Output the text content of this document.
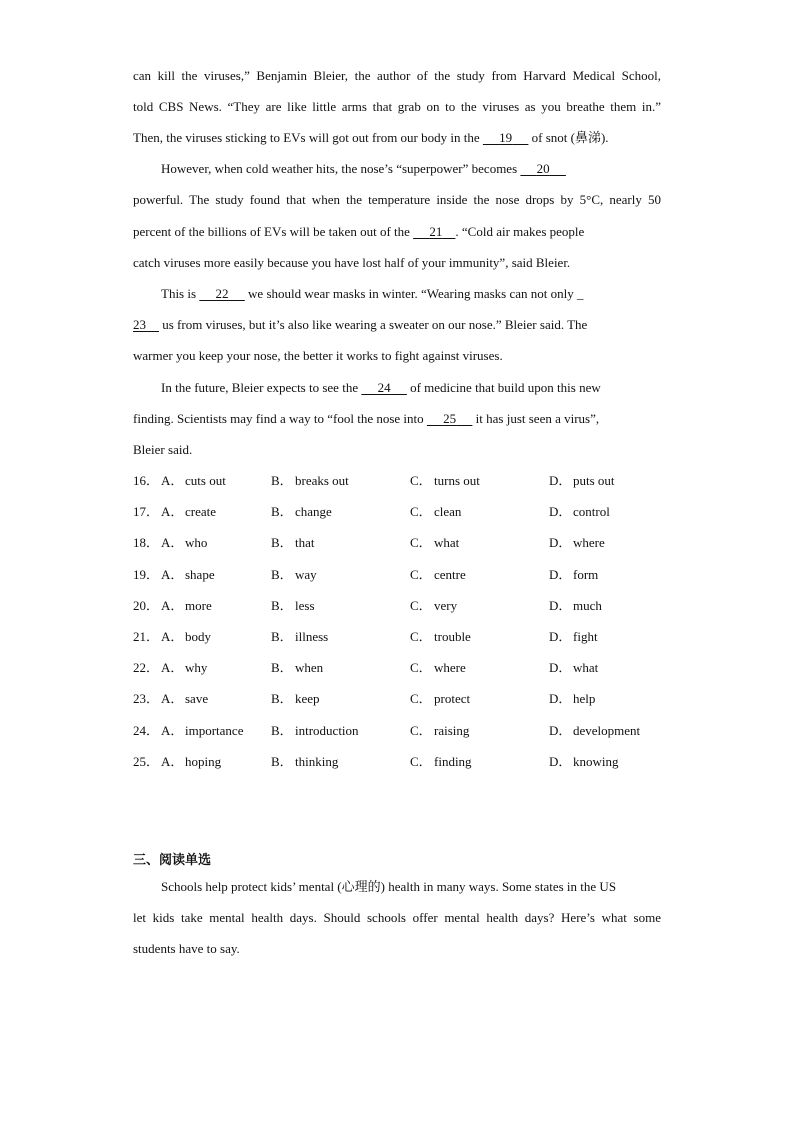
can kill the viruses,” Benjamin Bleier, the author of the study from Harvard Medical School,
told CBS News. “They are like little arms that grab on to the viruses as you breathe them in.”
Then, the viruses sticking to EVs will got out from our body in the      19      of snot (鼻涕).
However, when cold weather hits, the nose’s “superpower” becomes      20
powerful. The study found that when the temperature inside the nose drops by 5°C, nearly 50
percent of the billions of EVs will be taken out of the      21 . “Cold air makes people
catch viruses more easily because you have lost half of your immunity”, said Bleier.
This is      22      we should wear masks in winter. “Wearing masks can not only _
23     us from viruses, but it’s also like wearing a sweater on our nose.” Bleier said. The
warmer you keep your nose, the better it works to fight against viruses.
In the future, Bleier expects to see the      24      of medicine that build upon this new
finding. Scientists may find a way to “fool the nose into      25      it has just seen a virus”,
Bleier said.
16． A． cuts out	B． breaks out	C． turns out	D． puts out
17． A． create	B． change	C． clean	D． control
18． A． who	B． that	C． what	D． where
19． A． shape	B． way	C． centre	D． form
20． A． more	B． less	C． very	D． much
21． A． body	B． illness	C． trouble	D． fight
22． A． why	B． when	C． where	D． what
23． A． save	B． keep	C． protect	D． help
24． A． importance B． introduction	C． raising	D． development
25． A． hoping	B． thinking	C． finding	D． knowing
三、阅读单选
Schools help protect kids’ mental (心理的) health in many ways. Some states in the US
let kids take mental health days. Should schools offer mental health days? Here’s what some
students have to say.
